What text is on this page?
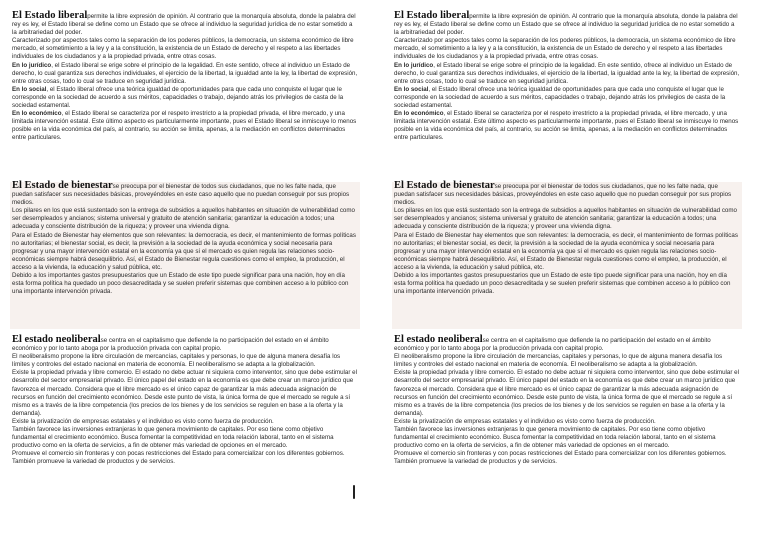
El Estado liberalpermite la libre expresión de opinión. Al contrario que la monarquía absoluta, donde la palabra del rey es ley, el Estado liberal se define como un Estado que se ofrece al individuo la seguridad jurídica de no estar sometido a la arbitrariedad del poder.

Caracterizado por aspectos tales como la separación de los poderes públicos, la democracia, un sistema económico de libre mercado, el sometimiento a la ley y a la constitución, la existencia de un Estado de derecho y el respeto a las libertades individuales de los ciudadanos y a la propiedad privada, entre otras cosas.

En lo jurídico, el Estado liberal se erige sobre el principio de la legalidad. En este sentido, ofrece al individuo un Estado de derecho, lo cual garantiza sus derechos individuales, el ejercicio de la libertad, la igualdad ante la ley, la libertad de expresión, entre otras cosas, todo lo cual se traduce en seguridad jurídica.

En lo social, el Estado liberal ofrece una teórica igualdad de oportunidades para que cada uno conquiste el lugar que le corresponde en la sociedad de acuerdo a sus méritos, capacidades o trabajo, dejando atrás los privilegios de casta de la sociedad estamental.

En lo económico, el Estado liberal se caracteriza por el respeto irrestricto a la propiedad privada, el libre mercado, y una limitada intervención estatal. Este último aspecto es particularmente importante, pues el Estado liberal se inmiscuye lo menos posible en la vida económica del país, al contrario, su acción se limita, apenas, a la mediación en conflictos determinados entre particulares.

El Estado de bienestarse preocupa por el bienestar de todos sus ciudadanos, que no les falte nada, que puedan satisfacer sus necesidades básicas, proveyéndoles en este caso aquello que no puedan conseguir por sus propios medios.

Los pilares en los que está sustentado son la entrega de subsidios a aquellos habitantes en situación de vulnerabilidad como ser desempleados y ancianos; sistema universal y gratuito de atención sanitaria; garantizar la educación a todos; una adecuada y consciente distribución de la riqueza; y proveer una vivienda digna.

Para el Estado de Bienestar hay elementos que son relevantes: la democracia, es decir, el mantenimiento de formas políticas no autoritarias; el bienestar social, es decir, la previsión a la sociedad de la ayuda económica y social necesaria para progresar y una mayor intervención estatal en la economía ya que sí el mercado es quien regula las relaciones socio-económicas siempre habrá desequilibrio. Así, el Estado de Bienestar regula cuestiones como el empleo, la producción, el acceso a la vivienda, la educación y salud pública, etc.

Debido a los importantes gastos presupuestarios que un Estado de este tipo puede significar para una nación, hoy en día esta forma política ha quedado un poco desacreditada y se suelen preferir sistemas que combinen acceso a lo público con una importante intervención privada.

El estado neoliberalse centra en el capitalismo que defiende la no participación del estado en el ámbito económico y por lo tanto aboga por la producción privada con capital propio.

El neoliberalismo propone la libre circulación de mercancías, capitales y personas, lo que de alguna manera desafía los límites y controles del estado nacional en materia de economía. El neoliberalismo se adapta a la globalización.

Existe la propiedad privada y libre comercio. El estado no debe actuar ni siquiera como interventor, sino que debe estimular el desarrollo del sector empresarial privado. El único papel del estado en la economía es que debe crear un marco jurídico que favorezca el mercado. Considera que el libre mercado es el único capaz de garantizar la más adecuada asignación de recursos en función del crecimiento económico. Desde este punto de vista, la única forma de que el mercado se regule a sí mismo es a través de la libre competencia (los precios de los bienes y de los servicios se regulen en base a la oferta y la demanda).

Existe la privatización de empresas estatales y el individuo es visto como fuerza de producción.

También favorece las inversiones extranjeras lo que genera movimiento de capitales. Por eso tiene como objetivo fundamental el crecimiento económico. Busca fomentar la competitividad en toda relación laboral, tanto en el sistema productivo como en la oferta de servicios, a fin de obtener más variedad de opciones en el mercado.

Promueve el comercio sin fronteras y con pocas restricciones del Estado para comercializar con los diferentes gobiernos. También promueve la variedad de productos y de servicios.

El Estado liberalpermite la libre expresión de opinión. Al contrario que la monarquía absoluta, donde la palabra del rey es ley, el Estado liberal se define como un Estado que se ofrece al individuo la seguridad jurídica de no estar sometido a la arbitrariedad del poder.

Caracterizado por aspectos tales como la separación de los poderes públicos, la democracia, un sistema económico de libre mercado, el sometimiento a la ley y a la constitución, la existencia de un Estado de derecho y el respeto a las libertades individuales de los ciudadanos y a la propiedad privada, entre otras cosas.

En lo jurídico, el Estado liberal se erige sobre el principio de la legalidad. En este sentido, ofrece al individuo un Estado de derecho, lo cual garantiza sus derechos individuales, el ejercicio de la libertad, la igualdad ante la ley, la libertad de expresión, entre otras cosas, todo lo cual se traduce en seguridad jurídica.

En lo social, el Estado liberal ofrece una teórica igualdad de oportunidades para que cada uno conquiste el lugar que le corresponde en la sociedad de acuerdo a sus méritos, capacidades o trabajo, dejando atrás los privilegios de casta de la sociedad estamental.

En lo económico, el Estado liberal se caracteriza por el respeto irrestricto a la propiedad privada, el libre mercado, y una limitada intervención estatal. Este último aspecto es particularmente importante, pues el Estado liberal se inmiscuye lo menos posible en la vida económica del país, al contrario, su acción se limita, apenas, a la mediación en conflictos determinados entre particulares.

El Estado de bienestarse preocupa por el bienestar de todos sus ciudadanos, que no les falte nada, que puedan satisfacer sus necesidades básicas, proveyéndoles en este caso aquello que no puedan conseguir por sus propios medios.

Los pilares en los que está sustentado son la entrega de subsidios a aquellos habitantes en situación de vulnerabilidad como ser desempleados y ancianos; sistema universal y gratuito de atención sanitaria; garantizar la educación a todos; una adecuada y consciente distribución de la riqueza; y proveer una vivienda digna.

Para el Estado de Bienestar hay elementos que son relevantes: la democracia, es decir, el mantenimiento de formas políticas no autoritarias; el bienestar social, es decir, la previsión a la sociedad de la ayuda económica y social necesaria para progresar y una mayor intervención estatal en la economía ya que sí el mercado es quien regula las relaciones socio-económicas siempre habrá desequilibrio. Así, el Estado de Bienestar regula cuestiones como el empleo, la producción, el acceso a la vivienda, la educación y salud pública, etc.

Debido a los importantes gastos presupuestarios que un Estado de este tipo puede significar para una nación, hoy en día esta forma política ha quedado un poco desacreditada y se suelen preferir sistemas que combinen acceso a lo público con una importante intervención privada.

El estado neoliberalse centra en el capitalismo que defiende la no participación del estado en el ámbito económico y por lo tanto aboga por la producción privada con capital propio.

El neoliberalismo propone la libre circulación de mercancías, capitales y personas, lo que de alguna manera desafía los límites y controles del estado nacional en materia de economía. El neoliberalismo se adapta a la globalización.

Existe la propiedad privada y libre comercio. El estado no debe actuar ni siquiera como interventor, sino que debe estimular el desarrollo del sector empresarial privado. El único papel del estado en la economía es que debe crear un marco jurídico que favorezca el mercado. Considera que el libre mercado es el único capaz de garantizar la más adecuada asignación de recursos en función del crecimiento económico. Desde este punto de vista, la única forma de que el mercado se regule a sí mismo es a través de la libre competencia (los precios de los bienes y de los servicios se regulen en base a la oferta y la demanda).

Existe la privatización de empresas estatales y el individuo es visto como fuerza de producción.

También favorece las inversiones extranjeras lo que genera movimiento de capitales. Por eso tiene como objetivo fundamental el crecimiento económico. Busca fomentar la competitividad en toda relación laboral, tanto en el sistema productivo como en la oferta de servicios, a fin de obtener más variedad de opciones en el mercado.

Promueve el comercio sin fronteras y con pocas restricciones del Estado para comercializar con los diferentes gobiernos. También promueve la variedad de productos y de servicios.
